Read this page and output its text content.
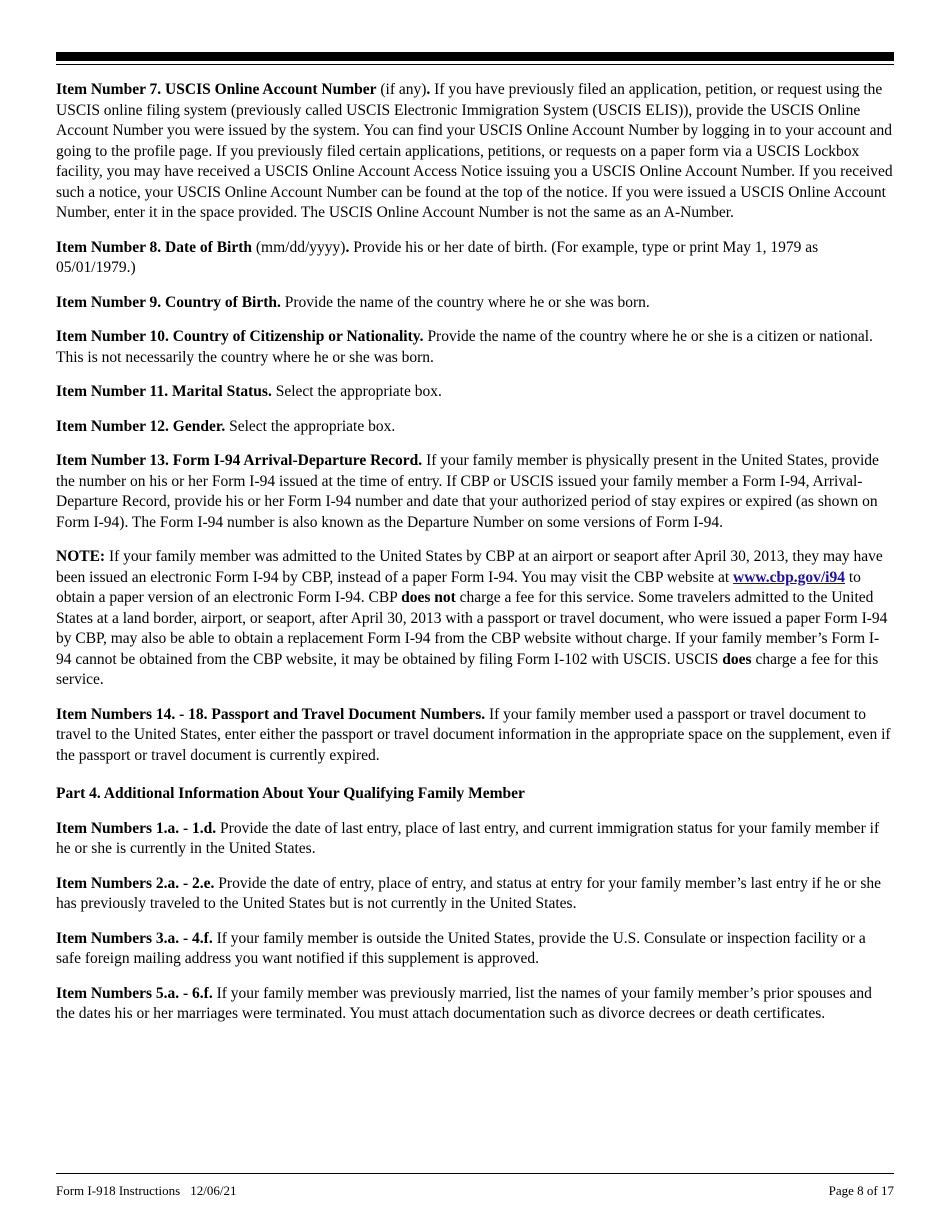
Item Number 7. USCIS Online Account Number (if any). If you have previously filed an application, petition, or request using the USCIS online filing system (previously called USCIS Electronic Immigration System (USCIS ELIS)), provide the USCIS Online Account Number you were issued by the system. You can find your USCIS Online Account Number by logging in to your account and going to the profile page. If you previously filed certain applications, petitions, or requests on a paper form via a USCIS Lockbox facility, you may have received a USCIS Online Account Access Notice issuing you a USCIS Online Account Number. If you received such a notice, your USCIS Online Account Number can be found at the top of the notice. If you were issued a USCIS Online Account Number, enter it in the space provided. The USCIS Online Account Number is not the same as an A-Number.

Item Number 8. Date of Birth (mm/dd/yyyy). Provide his or her date of birth. (For example, type or print May 1, 1979 as 05/01/1979.)

Item Number 9. Country of Birth. Provide the name of the country where he or she was born.

Item Number 10. Country of Citizenship or Nationality. Provide the name of the country where he or she is a citizen or national. This is not necessarily the country where he or she was born.

Item Number 11. Marital Status. Select the appropriate box.

Item Number 12. Gender. Select the appropriate box.

Item Number 13. Form I-94 Arrival-Departure Record. If your family member is physically present in the United States, provide the number on his or her Form I-94 issued at the time of entry. If CBP or USCIS issued your family member a Form I-94, Arrival-Departure Record, provide his or her Form I-94 number and date that your authorized period of stay expires or expired (as shown on Form I-94). The Form I-94 number is also known as the Departure Number on some versions of Form I-94.

NOTE: If your family member was admitted to the United States by CBP at an airport or seaport after April 30, 2013, they may have been issued an electronic Form I-94 by CBP, instead of a paper Form I-94. You may visit the CBP website at www.cbp.gov/i94 to obtain a paper version of an electronic Form I-94. CBP does not charge a fee for this service. Some travelers admitted to the United States at a land border, airport, or seaport, after April 30, 2013 with a passport or travel document, who were issued a paper Form I-94 by CBP, may also be able to obtain a replacement Form I-94 from the CBP website without charge. If your family member’s Form I-94 cannot be obtained from the CBP website, it may be obtained by filing Form I-102 with USCIS. USCIS does charge a fee for this service.

Item Numbers 14. - 18. Passport and Travel Document Numbers. If your family member used a passport or travel document to travel to the United States, enter either the passport or travel document information in the appropriate space on the supplement, even if the passport or travel document is currently expired.

Part 4. Additional Information About Your Qualifying Family Member

Item Numbers 1.a. - 1.d. Provide the date of last entry, place of last entry, and current immigration status for your family member if he or she is currently in the United States.

Item Numbers 2.a. - 2.e. Provide the date of entry, place of entry, and status at entry for your family member’s last entry if he or she has previously traveled to the United States but is not currently in the United States.

Item Numbers 3.a. - 4.f. If your family member is outside the United States, provide the U.S. Consulate or inspection facility or a safe foreign mailing address you want notified if this supplement is approved.

Item Numbers 5.a. - 6.f. If your family member was previously married, list the names of your family member’s prior spouses and the dates his or her marriages were terminated. You must attach documentation such as divorce decrees or death certificates.

Form I-918 Instructions 12/06/21	Page 8 of 17
